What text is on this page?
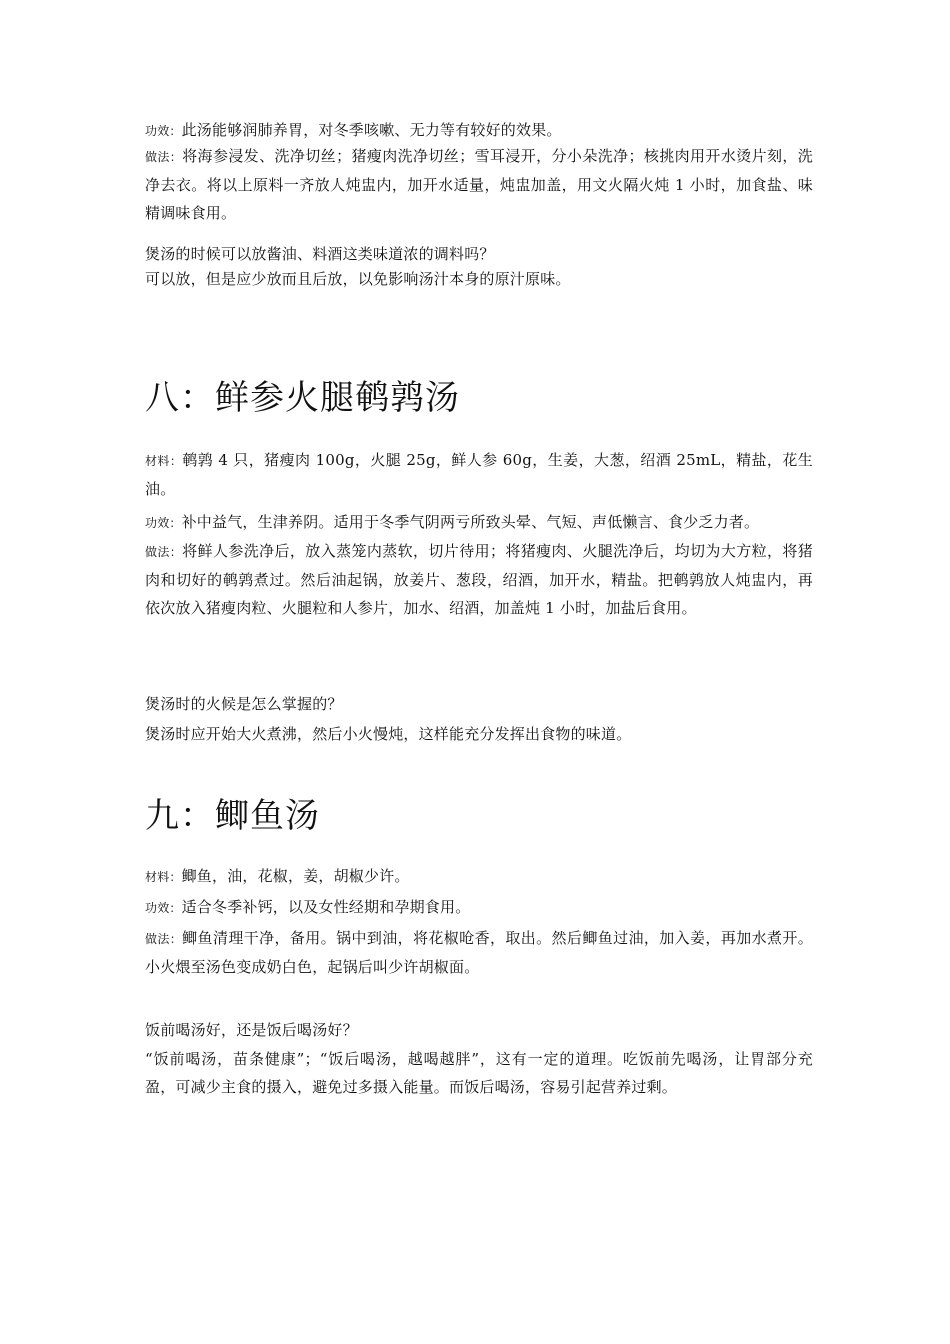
功效：此汤能够润肺养胃，对冬季咳嗽、无力等有较好的效果。

做法：将海参浸发、洗净切丝；猪瘦肉洗净切丝；雪耳浸开，分小朵洗净；核挑肉用开水烫片刻，洗净去衣。将以上原料一齐放人炖盅内，加开水适量，炖盅加盖，用文火隔火炖 1 小时，加食盐、味精调味食用。

煲汤的时候可以放酱油、料酒这类味道浓的调料吗？

可以放，但是应少放而且后放，以免影响汤汁本身的原汁原味。

八：鲜参火腿鹌鹑汤

材料：鹌鹑 4 只，猪瘦肉 100g，火腿 25g，鲜人参 60g，生姜，大葱，绍酒 25mL，精盐，花生油。

功效：补中益气，生津养阴。适用于冬季气阴两亏所致头晕、气短、声低懒言、食少乏力者。

做法：将鲜人参洗净后，放入蒸笼内蒸软，切片待用；将猪瘦肉、火腿洗净后，均切为大方粒，将猪肉和切好的鹌鹑煮过。然后油起锅，放姜片、葱段，绍酒，加开水，精盐。把鹌鹑放人炖盅内，再依次放入猪瘦肉粒、火腿粒和人参片，加水、绍酒，加盖炖 1 小时，加盐后食用。

煲汤时的火候是怎么掌握的？

煲汤时应开始大火煮沸，然后小火慢炖，这样能充分发挥出食物的味道。

九：鲫鱼汤

材料：鲫鱼，油，花椒，姜，胡椒少许。

功效：适合冬季补钙，以及女性经期和孕期食用。

做法：鲫鱼清理干净，备用。锅中到油，将花椒呛香，取出。然后鲫鱼过油，加入姜，再加水煮开。小火煨至汤色变成奶白色，起锅后叫少许胡椒面。

饭前喝汤好，还是饭后喝汤好？

“饭前喝汤，苗条健康”；“饭后喝汤，越喝越胖”，这有一定的道理。吃饭前先喝汤，让胃部分充盈，可减少主食的摄入，避免过多摄入能量。而饭后喝汤，容易引起营养过剩。
